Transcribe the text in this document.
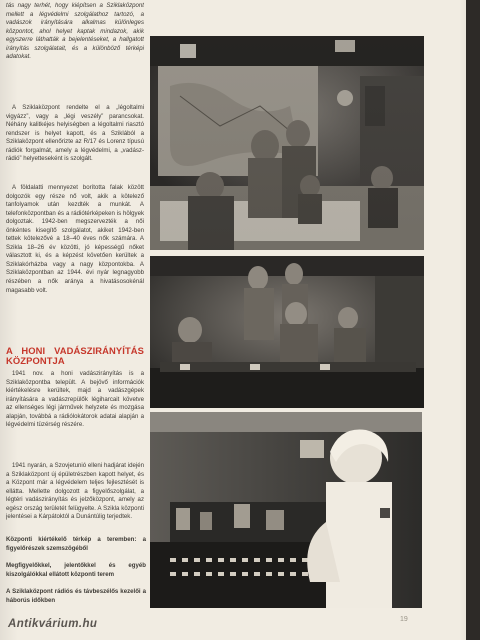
tás nagy terhét, hogy kiépítsen a Sziklaközpont mellett a légvédelmi szolgálathoz tartozó, a vadászok irányítására alkalmas különleges központot, ahol helyet kaptak mindazok, akik egyszerre láthatták a bejelentéseket, a hallgatott irányítás szolgálatait, és a különböző térképi adatokat.
A Sziklaközpont rendelte el a „légoltalmi vigyázz”, vagy a „légi veszély” parancsokat. Néhány kalitkéjes helyiségben a légoltalmi riasztó rendszer is helyet kapott, és a Sziklából a Sziklaközpont ellenőrizte az R/17 és Lorenz típusú rádiók forgalmát, amely a légvédelmi, a „vadász-rádió” helyetteseként is szolgált.
A földalatti mennyezet borította falak között dolgozók egy része nő volt, akik a kötelező tanfolyamok után kezdték a munkát. A telefonközpontban és a rádiótérképeken is hölgyek dolgoztak. 1942-ben megszervezték a női önkéntes kisegítő szolgálatot, akiket 1942-ben tettek kötelezővé a 18–40 éves nők számára. A Szikla 18–26 év közötti, jó képességű nőket választott ki, és a képzést követően kerültek a Sziklakórházba vagy a nagy központokba. A Sziklaközpontban az 1944. évi nyár legnagyobb részében a nők aránya a hivatásosokénál magasabb volt.
A HONI VADÁSZIRÁNYÍTÁS KÖZPONTJA
1941 nov. a honi vadászirányítás is a Sziklaközpontba települt. A bejövő információk kiértékelésre kerültek, majd a vadászgépek irányítására a vadászrepülők légiharcait követve az ellenséges légi járművek helyzete és mozgása alapján, továbbá a rádiólokátorok adatai alapján a légvédelmi tüzérség részére.
1941 nyarán, a Szovjetunió elleni hadjárat idején a Sziklaközpont új épületrészben kapott helyet, és a Központ már a légvédelem teljes fejlesztését is ellátta. Mellette dolgozott a figyelőszolgálat, a légtéri vadászirányítás és jelzőközpont, amely az egész ország területét felügyelte. A Szikla központi jelentései a Kárpátoktól a Dunántúlig terjedtek.
Központi kiértékelő térkép a teremben: a figyelőrészek szemszögéből
Megfigyelőkkel, jelentőkkel és egyéb kiszolgálókkal ellátott központi terem
A Sziklaközpont rádiós és távbeszélős kezelői a háborús időkben
19
Antikvárium.hu
